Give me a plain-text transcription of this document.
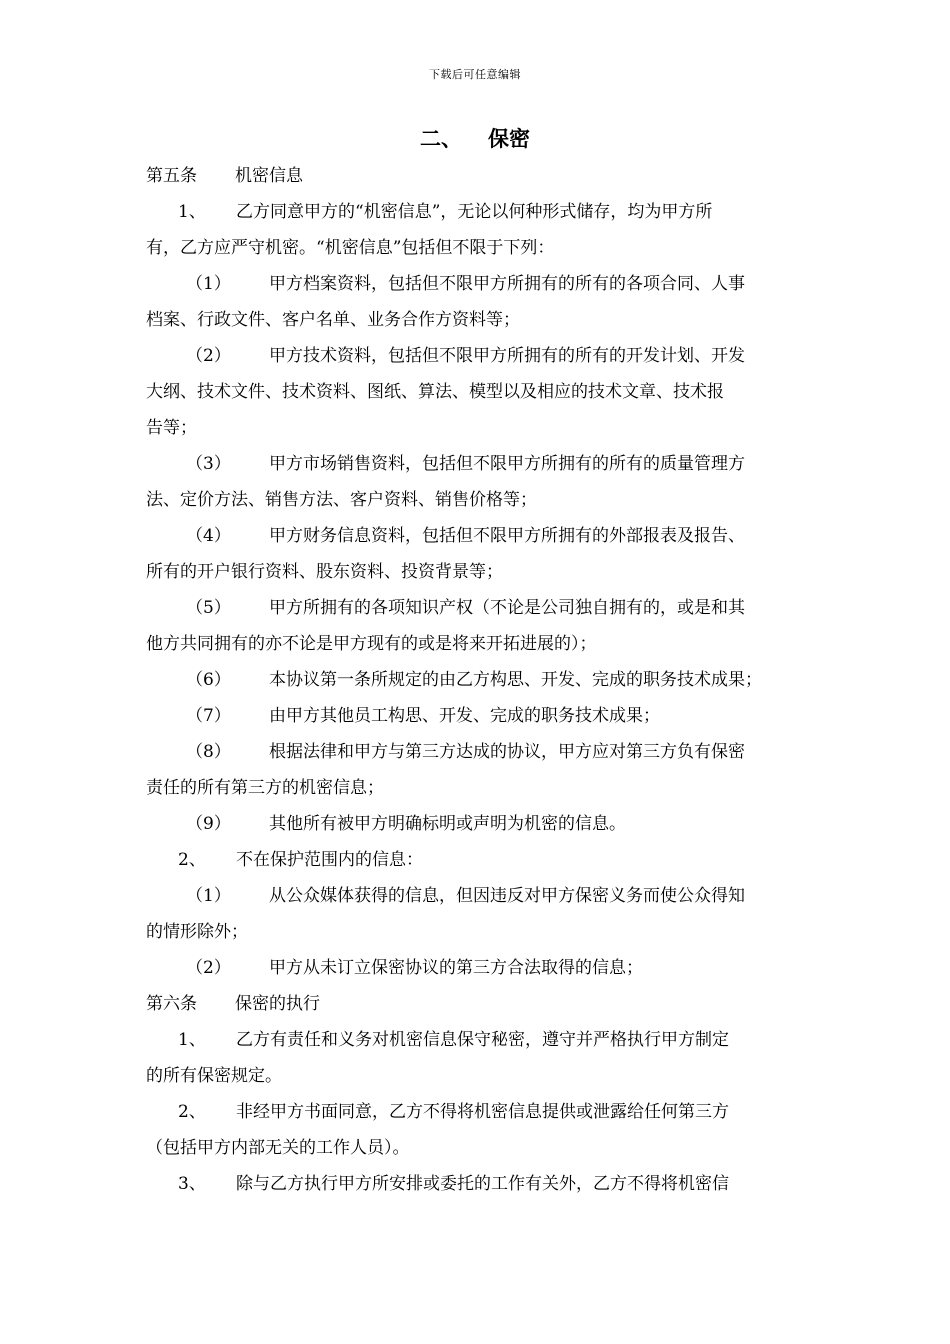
下载后可任意编辑
二、 保密
第五条 机密信息
1、 乙方同意甲方的“机密信息”，无论以何种形式储存，均为甲方所
有，乙方应严守机密。“机密信息”包括但不限于下列：
（1） 甲方档案资料，包括但不限甲方所拥有的所有的各项合同、人事
档案、行政文件、客户名单、业务合作方资料等；
（2） 甲方技术资料，包括但不限甲方所拥有的所有的开发计划、开发
大纲、技术文件、技术资料、图纸、算法、模型以及相应的技术文章、技术报
告等；
（3） 甲方市场销售资料，包括但不限甲方所拥有的所有的质量管理方
法、定价方法、销售方法、客户资料、销售价格等；
（4） 甲方财务信息资料，包括但不限甲方所拥有的外部报表及报告、
所有的开户银行资料、股东资料、投资背景等；
（5） 甲方所拥有的各项知识产权（不论是公司独自拥有的，或是和其
他方共同拥有的亦不论是甲方现有的或是将来开拓进展的）；
（6） 本协议第一条所规定的由乙方构思、开发、完成的职务技术成果；
（7） 由甲方其他员工构思、开发、完成的职务技术成果；
（8） 根据法律和甲方与第三方达成的协议，甲方应对第三方负有保密
责任的所有第三方的机密信息；
（9） 其他所有被甲方明确标明或声明为机密的信息。
2、 不在保护范围内的信息：
（1） 从公众媒体获得的信息，但因违反对甲方保密义务而使公众得知
的情形除外；
（2） 甲方从未订立保密协议的第三方合法取得的信息；
第六条 保密的执行
1、 乙方有责任和义务对机密信息保守秘密，遵守并严格执行甲方制定
的所有保密规定。
2、 非经甲方书面同意，乙方不得将机密信息提供或泄露给任何第三方
（包括甲方内部无关的工作人员）。
3、 除与乙方执行甲方所安排或委托的工作有关外，乙方不得将机密信
